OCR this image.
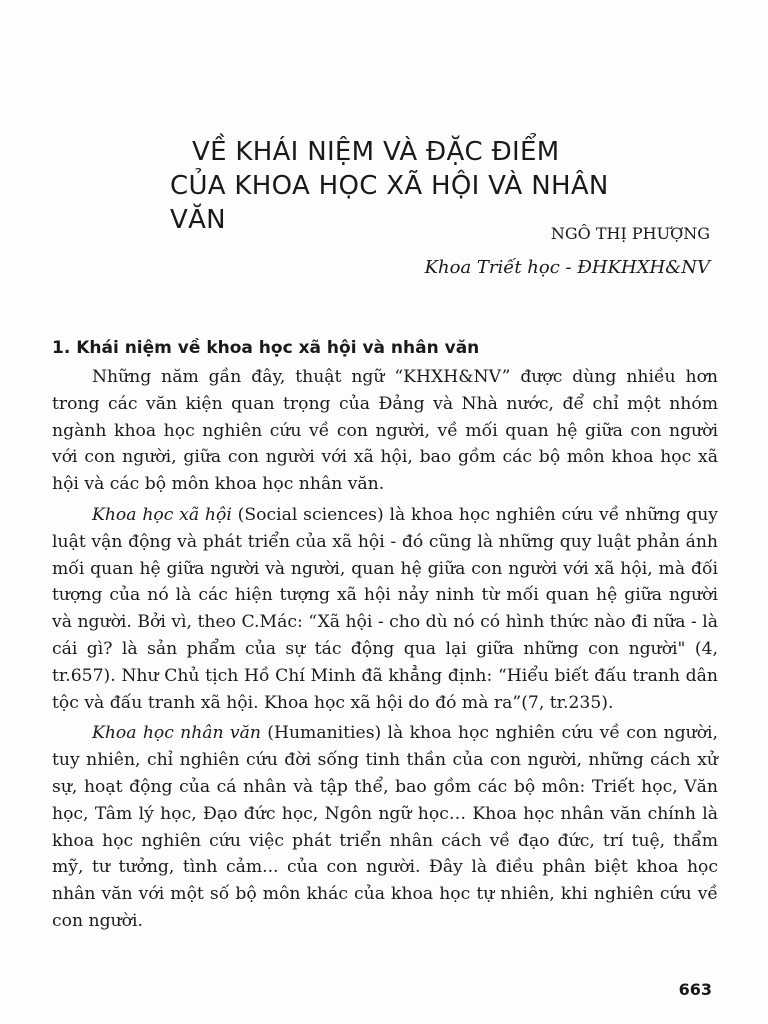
VỀ KHÁI NIỆM VÀ ĐẶC ĐIỂM
CỦA KHOA HỌC XÃ HỘI VÀ NHÂN VĂN	NGÔ THỊ PHƯỢNG

Khoa Triết học - ĐHKHXH&NV

1. Khái niệm về khoa học xã hội và nhân văn

Những năm gần đây, thuật ngữ “KHXH&NV” được dùng nhiều hơn trong các văn kiện quan trọng của Đảng và Nhà nước, để chỉ một nhóm ngành khoa học nghiên cứu về con người, về mối quan hệ giữa con người với con người, giữa con người với xã hội, bao gồm các bộ môn khoa học xã hội và các bộ môn khoa học nhân văn.

Khoa học xã hội (Social sciences) là khoa học nghiên cứu về những quy luật vận động và phát triển của xã hội - đó cũng là những quy luật phản ánh mối quan hệ giữa người và người, quan hệ giữa con người với xã hội, mà đối tượng của nó là các hiện tượng xã hội nảy ninh từ mối quan hệ giữa người và người. Bởi vì, theo C.Mác: “Xã hội - cho dù nó có hình thức nào đi nữa - là cái gì? là sản phẩm của sự tác động qua lại giữa những con người" (4, tr.657). Như Chủ tịch Hồ Chí Minh đã khẳng định: “Hiểu biết đấu tranh dân tộc và đấu tranh xã hội. Khoa học xã hội do đó mà ra”(7, tr.235).

Khoa học nhân văn (Humanities) là khoa học nghiên cứu về con người, tuy nhiên, chỉ nghiên cứu đời sống tinh thần của con người, những cách xử sự, hoạt động của cá nhân và tập thể, bao gồm các bộ môn: Triết học, Văn học, Tâm lý học, Đạo đức học, Ngôn ngữ học… Khoa học nhân văn chính là khoa học nghiên cứu việc phát triển nhân cách về đạo đức, trí tuệ, thẩm mỹ, tư tưởng, tình cảm... của con người. Đây là điều phân biệt khoa học nhân văn với một số bộ môn khác của khoa học tự nhiên, khi nghiên cứu về con người.

663
